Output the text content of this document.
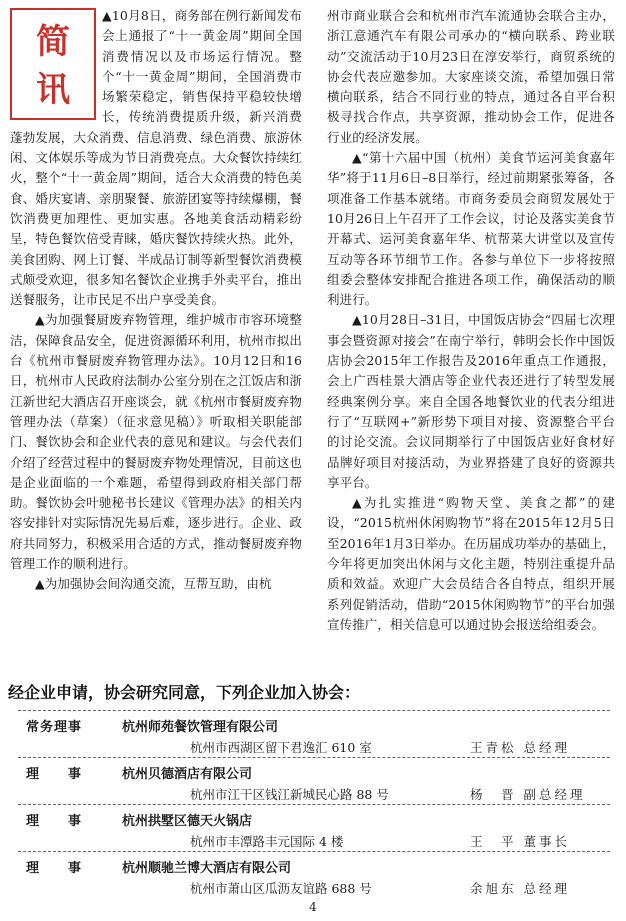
简
讯

▲10月8日，商务部在例行新闻发布会上通报了“十一黄金周”期间全国消费情况以及市场运行情况。整个“十一黄金周”期间，全国消费市场繁荣稳定，销售保持平稳较快增长，传统消费提质升级，新兴消费蓬勃发展，大众消费、信息消费、绿色消费、旅游休闲、文体娱乐等成为节日消费亮点。大众餐饮持续红火，整个“十一黄金周”期间，适合大众消费的特色美食、婚庆宴请、亲朋聚餐、旅游团宴等持续爆棚，餐饮消费更加理性、更加实惠。各地美食活动精彩纷呈，特色餐饮倍受青睐，婚庆餐饮持续火热。此外，美食团购、网上订餐、半成品订制等新型餐饮消费模式颇受欢迎，很多知名餐饮企业携手外卖平台，推出送餐服务，让市民足不出户享受美食。

▲为加强餐厨废弃物管理，维护城市市容环境整洁，保障食品安全，促进资源循环利用，杭州市拟出台《杭州市餐厨废弃物管理办法》。10月12日和16日，杭州市人民政府法制办公室分别在之江饭店和浙江新世纪大酒店召开座谈会，就《杭州市餐厨废弃物管理办法（草案）（征求意见稿）》听取相关职能部门、餐饮协会和企业代表的意见和建议。与会代表们介绍了经营过程中的餐厨废弃物处理情况，目前这也是企业面临的一个难题，希望得到政府相关部门帮助。餐饮协会叶驰秘书长建议《管理办法》的相关内容安排针对实际情况先易后难，逐步进行。企业、政府共同努力，积极采用合适的方式，推动餐厨废弃物管理工作的顺利进行。

▲为加强协会间沟通交流，互帮互助，由杭

州市商业联合会和杭州市汽车流通协会联合主办，浙江意通汽车有限公司承办的“横向联系、跨业联动”交流活动于10月23日在淳安举行，商贸系统的协会代表应邀参加。大家座谈交流，希望加强日常横向联系，结合不同行业的特点，通过各自平台积极寻找合作点，共享资源，推动协会工作，促进各行业的经济发展。

▲“第十六届中国（杭州）美食节运河美食嘉年华”将于11月6日–8日举行，经过前期紧张筹备，各项准备工作基本就绪。市商务委员会商贸发展处于10月26日上午召开了工作会议，讨论及落实美食节开幕式、运河美食嘉年华、杭帮菜大讲堂以及宣传互动等各环节细节工作。各参与单位下一步将按照组委会整体安排配合推进各项工作，确保活动的顺利进行。

▲10月28日–31日，中国饭店协会“四届七次理事会暨资源对接会”在南宁举行，韩明会长作中国饭店协会2015年工作报告及2016年重点工作通报，会上广西桂景大酒店等企业代表还进行了转型发展经典案例分享。来自全国各地餐饮业的代表分组进行了“互联网+”新形势下项目对接、资源整合平台的讨论交流。会议同期举行了中国饭店业好食材好品牌好项目对接活动，为业界搭建了良好的资源共享平台。

▲为扎实推进“购物天堂、美食之都”的建设，“2015杭州休闲购物节”将在2015年12月5日至2016年1月3日举办。在历届成功举办的基础上，今年将更加突出休闲与文化主题，特别注重提升品质和效益。欢迎广大会员结合各自特点，组织开展系列促销活动，借助“2015休闲购物节”的平台加强宣传推广，相关信息可以通过协会报送给组委会。

经企业申请，协会研究同意，下列企业加入协会：
常务理事	杭州师苑餐饮管理有限公司
杭州市西湖区留下君逸汇 610 室	王青松 总经理
理　　事	杭州贝德酒店有限公司
杭州市江干区钱江新城民心路 88 号	杨　晋 副总经理
理　　事	杭州拱墅区德天火锅店
杭州市丰潭路丰元国际 4 楼	王　平 董事长
理　　事	杭州顺驰兰博大酒店有限公司
杭州市萧山区瓜沥友谊路 688 号	余旭东 总经理
4
